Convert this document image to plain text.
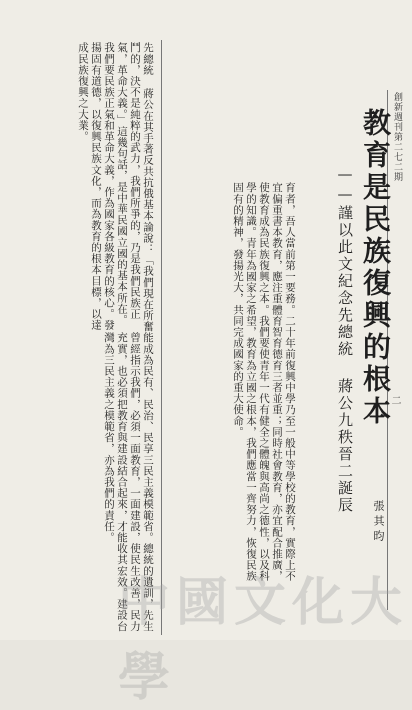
創新週刊第二七二期
教育是民族復興的根本
——謹以此文紀念先總統 蔣公九秩晉二誕辰
張其昀
育者，吾人當前第一要務。二十年前復興中學乃至一般中等學校的教育，實際上不宜偏重書本教育，應注重體育智育德育三者並重；同時社會教育，亦宜配合推廣，使教育成為民族復興之本。我們要使青年一代有健全之體魄與高尚之德性，以及科學的知識。青年為國家之希望，教育為立國之根本，我們應當一齊努力，恢復民族固有的精神，發揚光大，共同完成國家的重大使命。
先總統 蔣公在其手著反共抗俄基本論說：「我們現在所奮鬥的，決不是純粹的武力，我們所爭的，乃是我們民族正氣，革命大義。」這幾句話，是中華民國立國的基本所在。我們要民族正氣和革命大義，作為國家各級教育的核心。發揚固有道德，以復興民族文化，而為教育的根本目標，以達成民族復興之大業。
能成為民有、民治、民享三民主義模範省。總統的遺訓，先生曾經指示我們，必須一面教育，一面建設，使民生改善，民力充實，也必須把教育與建設結合起來，才能收其宏效。建設台灣為三民主義之模範省，亦為我們的責任。	二
中國文化大學
